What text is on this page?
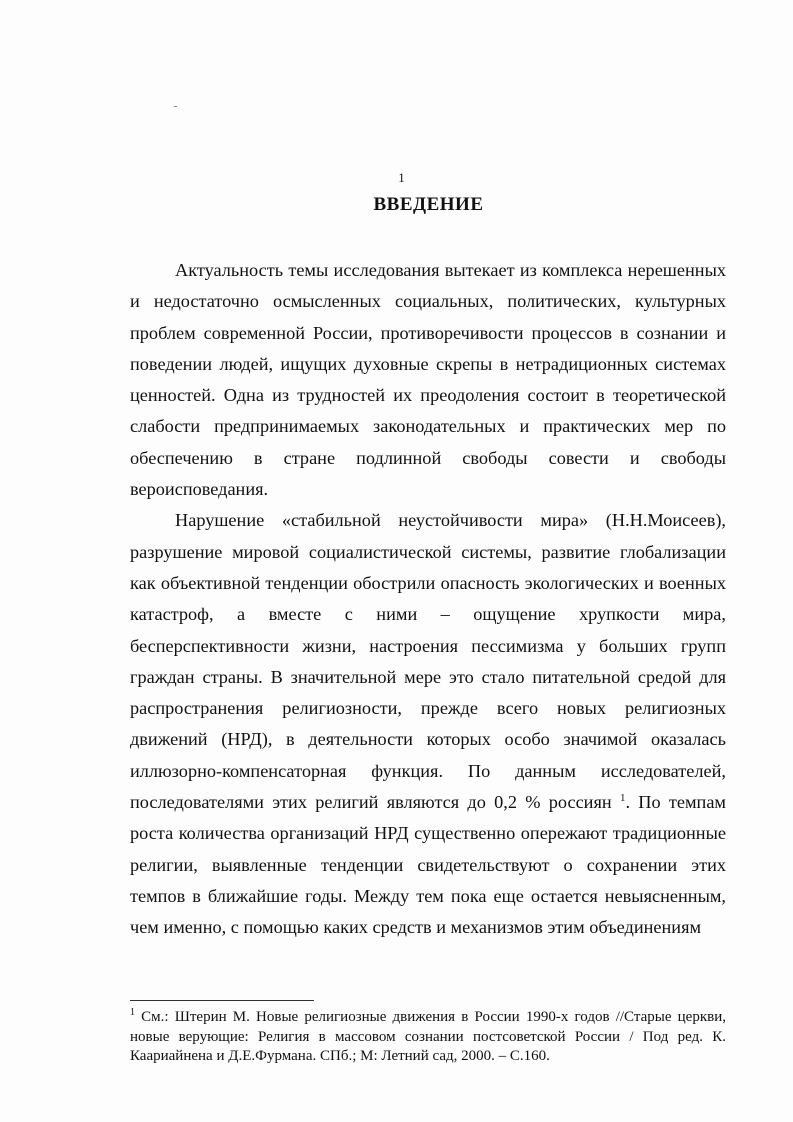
1
ВВЕДЕНИЕ

Актуальность темы исследования вытекает из комплекса нерешенных и недостаточно осмысленных социальных, политических, культурных проблем современной России, противоречивости процессов в сознании и поведении людей, ищущих духовные скрепы в нетрадиционных системах ценностей. Одна из трудностей их преодоления состоит в теоретической слабости предпринимаемых законодательных и практических мер по обеспечению в стране подлинной свободы совести и свободы вероисповедания.

Нарушение «стабильной неустойчивости мира» (Н.Н.Моисеев), разрушение мировой социалистической системы, развитие глобализации как объективной тенденции обострили опасность экологических и военных катастроф, а вместе с ними – ощущение хрупкости мира, бесперспективности жизни, настроения пессимизма у больших групп граждан страны. В значительной мере это стало питательной средой для распространения религиозности, прежде всего новых религиозных движений (НРД), в деятельности которых особо значимой оказалась иллюзорно-компенсаторная функция. По данным исследователей, последователями этих религий являются до 0,2 % россиян $^1$. По темпам роста количества организаций НРД существенно опережают традиционные религии, выявленные тенденции свидетельствуют о сохранении этих темпов в ближайшие годы. Между тем пока еще остается невыясненным, чем именно, с помощью каких средств и механизмов этим объединениям

$^1$ См.: Штерин М. Новые религиозные движения в России 1990-х годов //Старые церкви, новые верующие: Религия в массовом сознании постсоветской России / Под ред. К. Каариайнена и Д.Е.Фурмана. СПб.; М: Летний сад, 2000. – С.160.
